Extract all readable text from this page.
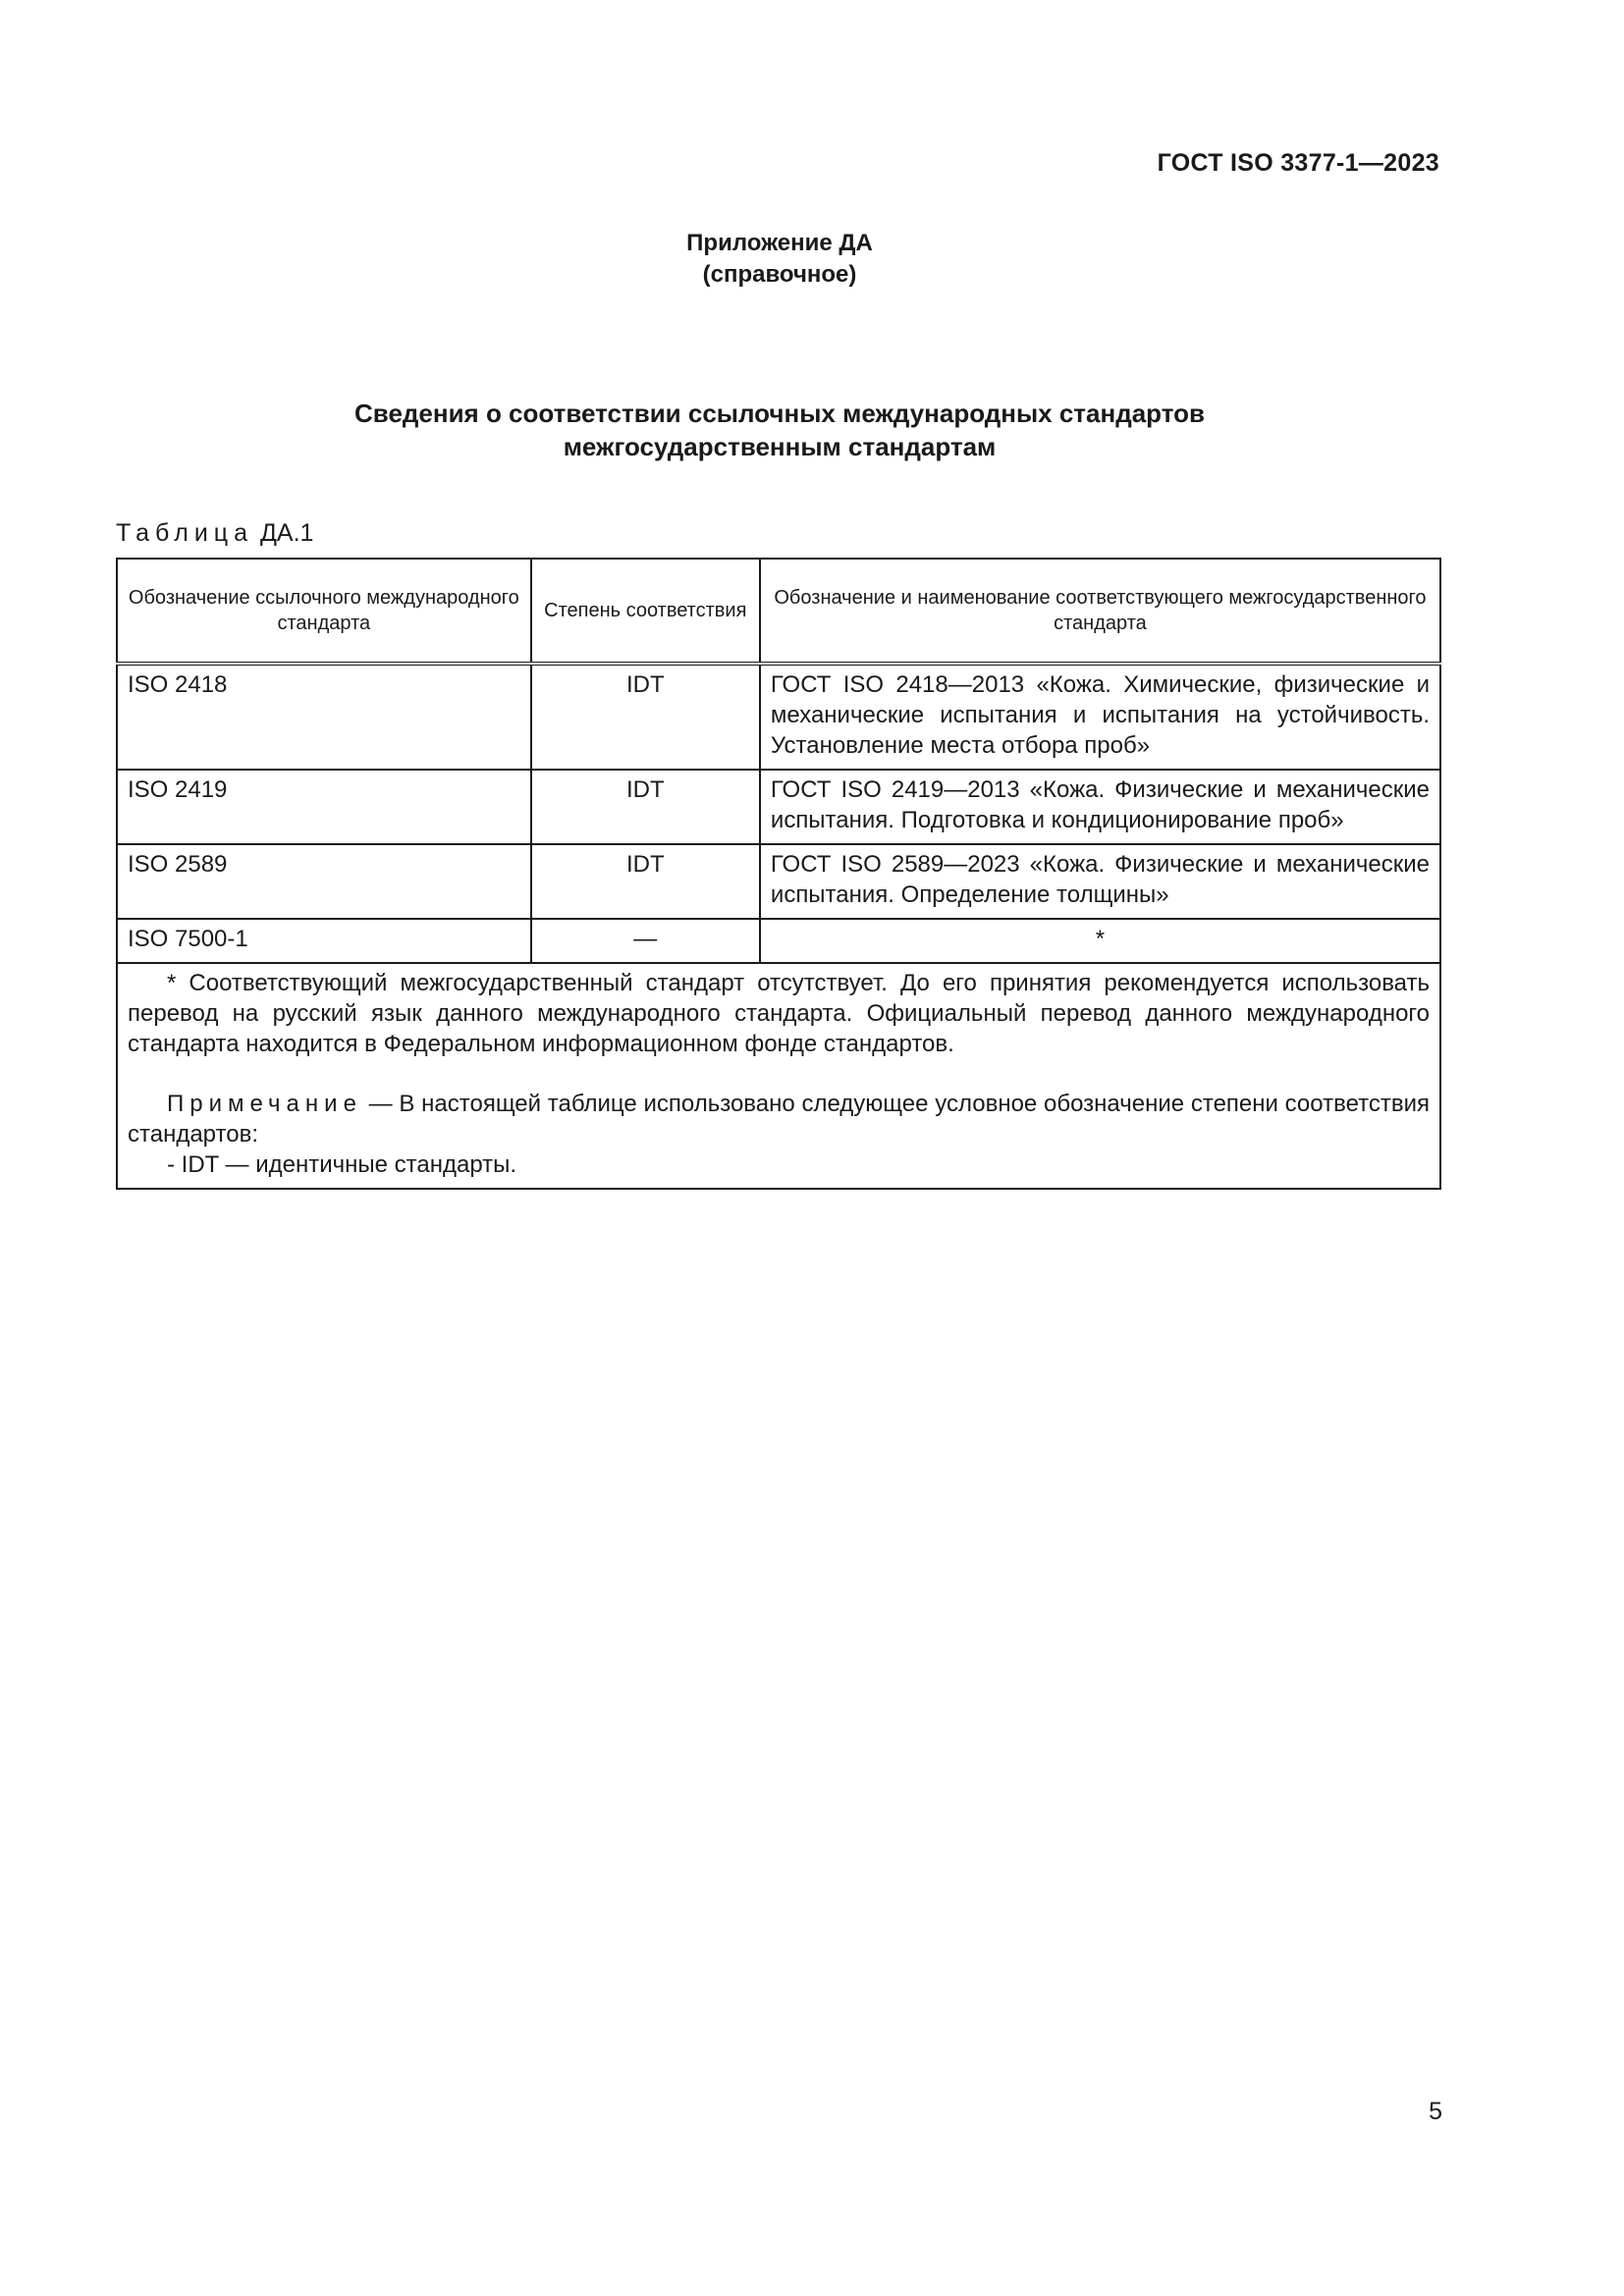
ГОСТ ISO 3377-1—2023
Приложение ДА
(справочное)
Сведения о соответствии ссылочных международных стандартов
межгосударственным стандартам
Таблица ДА.1
Обозначение ссылочного международного стандарта	Степень соответствия	Обозначение и наименование соответствующего межгосударственного стандарта
ISO 2418	IDT	ГОСТ ISO 2418—2013 «Кожа. Химические, физические и механические испытания и испытания на устойчивость. Установление места отбора проб»
ISO 2419	IDT	ГОСТ ISO 2419—2013 «Кожа. Физические и механические испытания. Подготовка и кондиционирование проб»
ISO 2589	IDT	ГОСТ ISO 2589—2023 «Кожа. Физические и механические испытания. Определение толщины»
ISO 7500-1	—	*

* Соответствующий межгосударственный стандарт отсутствует. До его принятия рекомендуется использовать перевод на русский язык данного международного стандарта. Официальный перевод данного международного стандарта находится в Федеральном информационном фонде стандартов.

Примечание — В настоящей таблице использовано следующее условное обозначение степени соответствия стандартов:

- IDT — идентичные стандарты.		

5
